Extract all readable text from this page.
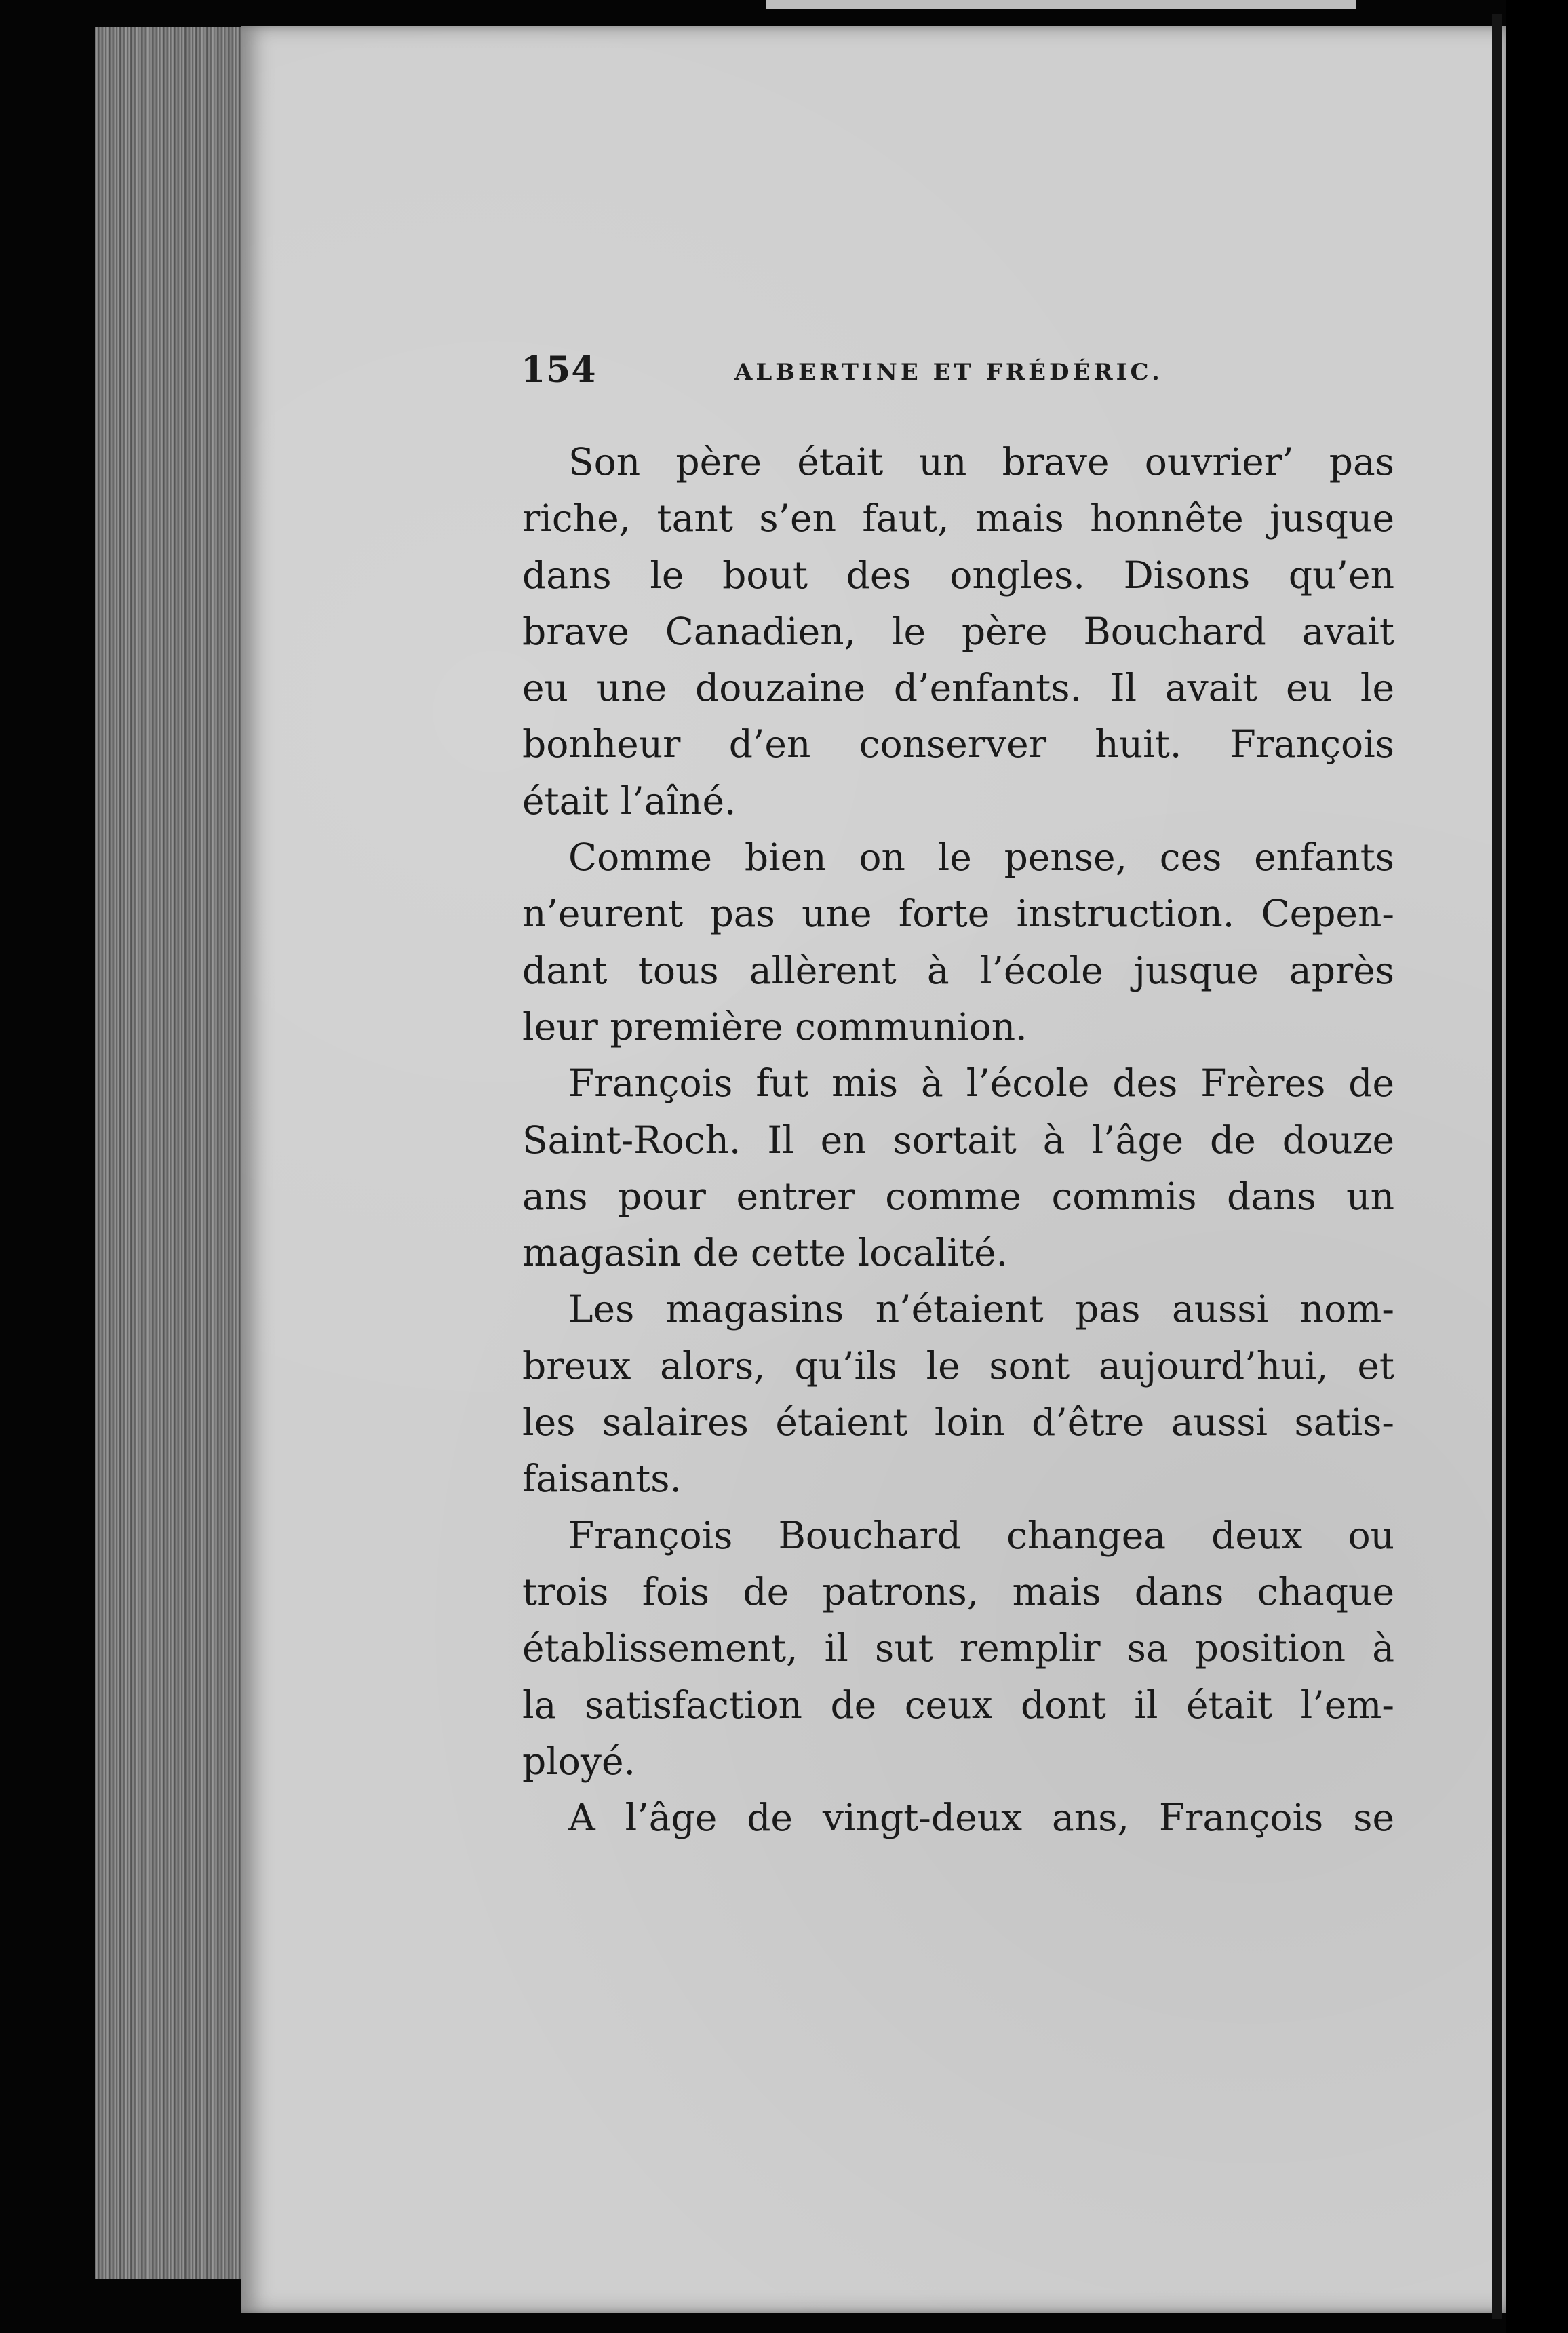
154	ALBERTINE ET FRÉDÉRIC.
Son père était un brave ouvrier’ pas
riche, tant s’en faut, mais honnête jusque
dans le bout des ongles. Disons qu’en
brave Canadien, le père Bouchard avait
eu une douzaine d’enfants. Il avait eu le
bonheur d’en conserver huit. François
était l’aîné.
Comme bien on le pense, ces enfants
n’eurent pas une forte instruction. Cepen-
dant tous allèrent à l’école jusque après
leur première communion.
François fut mis à l’école des Frères de
Saint-Roch. Il en sortait à l’âge de douze
ans pour entrer comme commis dans un
magasin de cette localité.
Les magasins n’étaient pas aussi nom-
breux alors, qu’ils le sont aujourd’hui, et
les salaires étaient loin d’être aussi satis-
faisants.
François Bouchard changea deux ou
trois fois de patrons, mais dans chaque
établissement, il sut remplir sa position à
la satisfaction de ceux dont il était l’em-
ployé.
A l’âge de vingt-deux ans, François se
